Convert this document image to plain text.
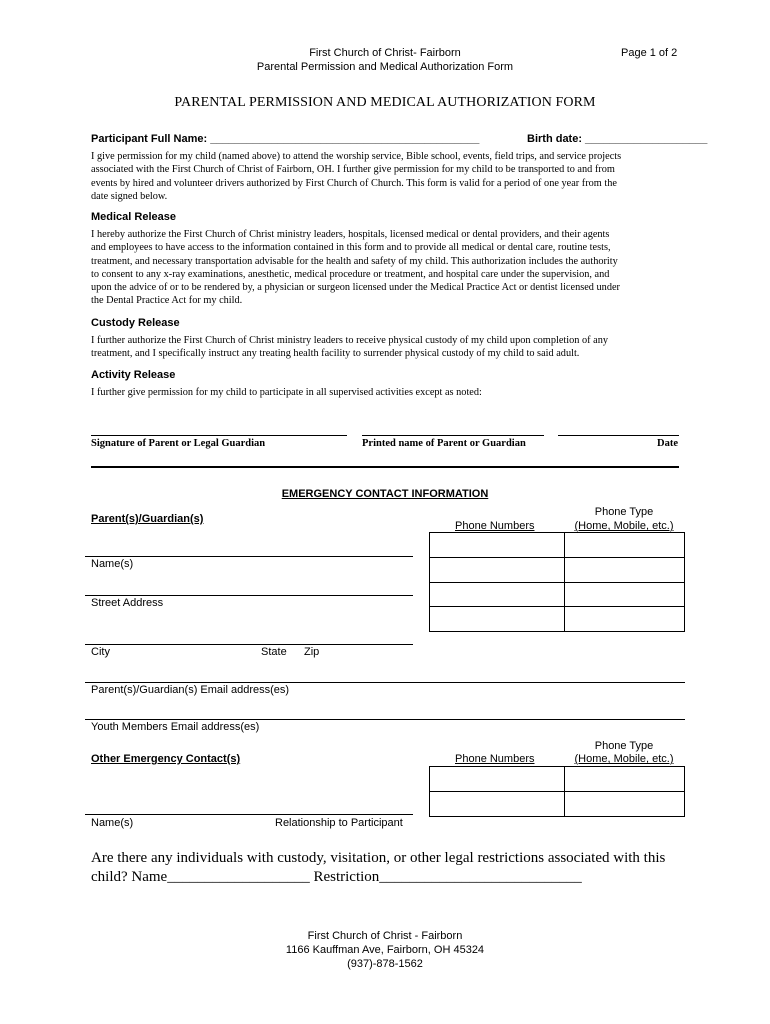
First Church of Christ- Fairborn
Parental Permission and Medical Authorization Form
Page 1 of 2
PARENTAL PERMISSION AND MEDICAL AUTHORIZATION FORM
Participant Full Name: ____________________________________________	Birth date: ____________________
I give permission for my child (named above) to attend the worship service, Bible school, events, field trips, and service projects
associated with the First Church of Christ of Fairborn, OH. I further give permission for my child to be transported to and from
events by hired and volunteer drivers authorized by First Church of Church. This form is valid for a period of one year from the
date signed below.
Medical Release
I hereby authorize the First Church of Christ ministry leaders, hospitals, licensed medical or dental providers, and their agents
and employees to have access to the information contained in this form and to provide all medical or dental care, routine tests,
treatment, and necessary transportation advisable for the health and safety of my child. This authorization includes the authority
to consent to any x-ray examinations, anesthetic, medical procedure or treatment, and hospital care under the supervision, and
upon the advice of or to be rendered by, a physician or surgeon licensed under the Medical Practice Act or dentist licensed under
the Dental Practice Act for my child.
Custody Release
I further authorize the First Church of Christ ministry leaders to receive physical custody of my child upon completion of any
treatment, and I specifically instruct any treating health facility to surrender physical custody of my child to said adult.
Activity Release
I further give permission for my child to participate in all supervised activities except as noted:
Signature of Parent or Legal Guardian	Printed name of Parent or Guardian	Date
EMERGENCY CONTACT INFORMATION
Parent(s)/Guardian(s)
Phone Numbers
Phone Type
(Home, Mobile, etc.)

Name(s)
Street Address
City	State Zip
Parent(s)/Guardian(s) Email address(es)
Youth Members Email address(es)
Other Emergency Contact(s)	Phone Numbers
Phone Type
(Home, Mobile, etc.)

Name(s)	Relationship to Participant
Are there any individuals with custody, visitation, or other legal restrictions associated with this
child? Name___________________ Restriction___________________________
First Church of Christ - Fairborn
1166 Kauffman Ave, Fairborn, OH 45324
(937)-878-1562
